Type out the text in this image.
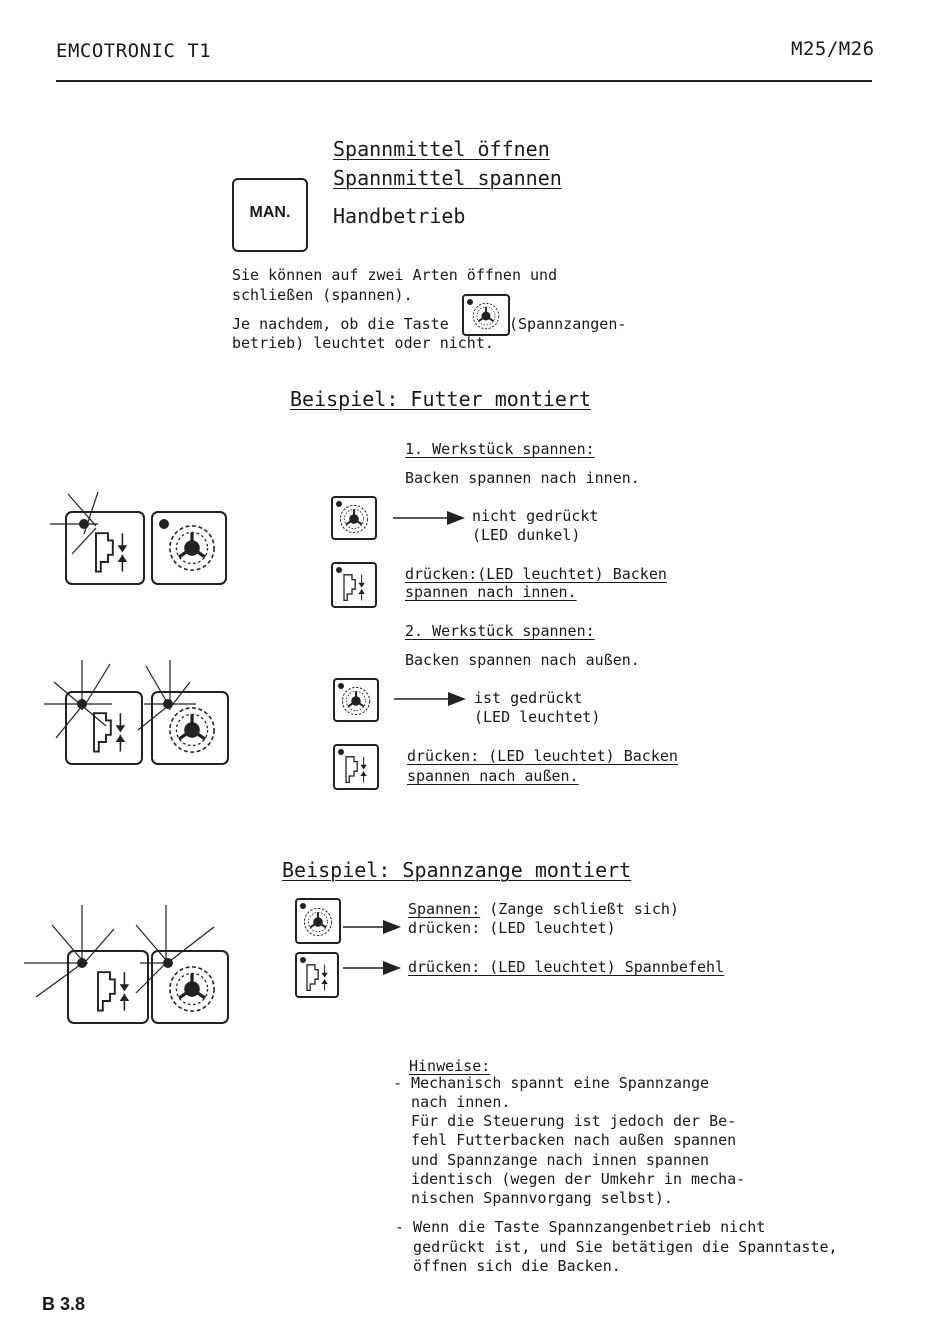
EMCOTRONIC T1	M25/M26
MAN.
Spannmittel öffnen
Spannmittel spannen
Handbetrieb
Sie können auf zwei Arten öffnen und
schließen (spannen).
Je nachdem, ob die Taste	(Spannzangen-
betrieb) leuchtet oder nicht.
Beispiel: Futter montiert
1. Werkstück spannen:
Backen spannen nach innen.
nicht gedrückt
(LED dunkel)
drücken:(LED leuchtet) Backen
spannen nach innen.
2. Werkstück spannen:
Backen spannen nach außen.
ist gedrückt
(LED leuchtet)
drücken: (LED leuchtet) Backen
spannen nach außen.
Beispiel: Spannzange montiert
Spannen: (Zange schließt sich)
drücken: (LED leuchtet)
drücken: (LED leuchtet) Spannbefehl
Hinweise:
- Mechanisch spannt eine Spannzange
nach innen.
Für die Steuerung ist jedoch der Be-
fehl Futterbacken nach außen spannen
und Spannzange nach innen spannen
identisch (wegen der Umkehr in mecha-
nischen Spannvorgang selbst).
- Wenn die Taste Spannzangenbetrieb nicht
gedrückt ist, und Sie betätigen die Spanntaste,
öffnen sich die Backen.
B 3.8
